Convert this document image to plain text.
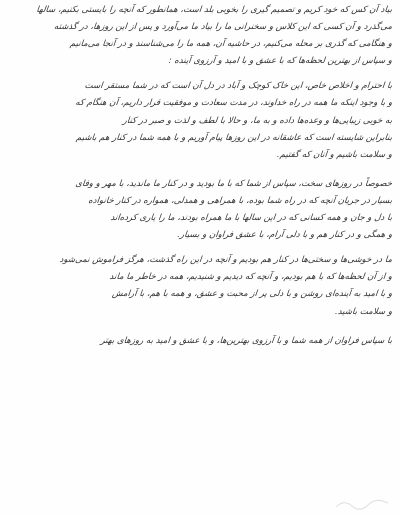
بیاد آن کس که خود کریم و تصمیم گیری را بخوبی بلد است، همانطور که آنچه را بایستی بکنیم، سالها
می‌گذرد و آن کسی که این کلاس و سخنرانی ما را بیاد ما می‌آورد و پس از این روزها، در گذشته
و هنگامی که گذری بر محله می‌کنیم، در حاشیه آن، همه ما را می‌شناسند و در آنجا می‌مانیم
و سپاس از بهترین لحظه‌ها که با عشق و با امید و آرزوی آینده :
با احترام و اخلاص خاص، این خاک کوچک و آباد در دل آن است که در شما مستقر است
و با وجود اینکه ما همه در راه خداوند، در مدت سعادت و موفقیت قرار داریم، آن هنگام که
به خوبی زیبایی‌ها و وعده‌ها داده و به ما، و حالا با لطف و لذت و صبر در کنار
بنابراین شایسته است که عاشقانه در این روزها پیام آوریم و با همه شما در کنار هم باشیم
و سلامت باشیم و آنان که گفتیم.
خصوصاً در روزهای سخت، سپاس از شما که با ما بودید و در کنار ما ماندید، با مهر و وفای
بسیار در جریان آنچه که در راه شما بوده، با همراهی و همدلی، همواره در کنار خانواده
با دل و جان و همه کسانی که در این سالها با ما همراه بودند، ما را یاری کرده‌اند
و همگی و در کنار هم و با دلی آرام، با عشق فراوان و بسیار.
ما در خوشی‌ها و سختی‌ها در کنار هم بودیم و آنچه در این راه گذشت، هرگز فراموش نمی‌شود
و از آن لحظه‌ها که با هم بودیم، و آنچه که دیدیم و شنیدیم، همه در خاطر ما ماند
و با امید به آینده‌ای روشن و با دلی پر از محبت و عشق، و همه با هم، با آرامش
و سلامت باشید.
با سپاس فراوان از همه شما و با آرزوی بهترین‌ها، و با عشق و امید به روزهای بهتر
